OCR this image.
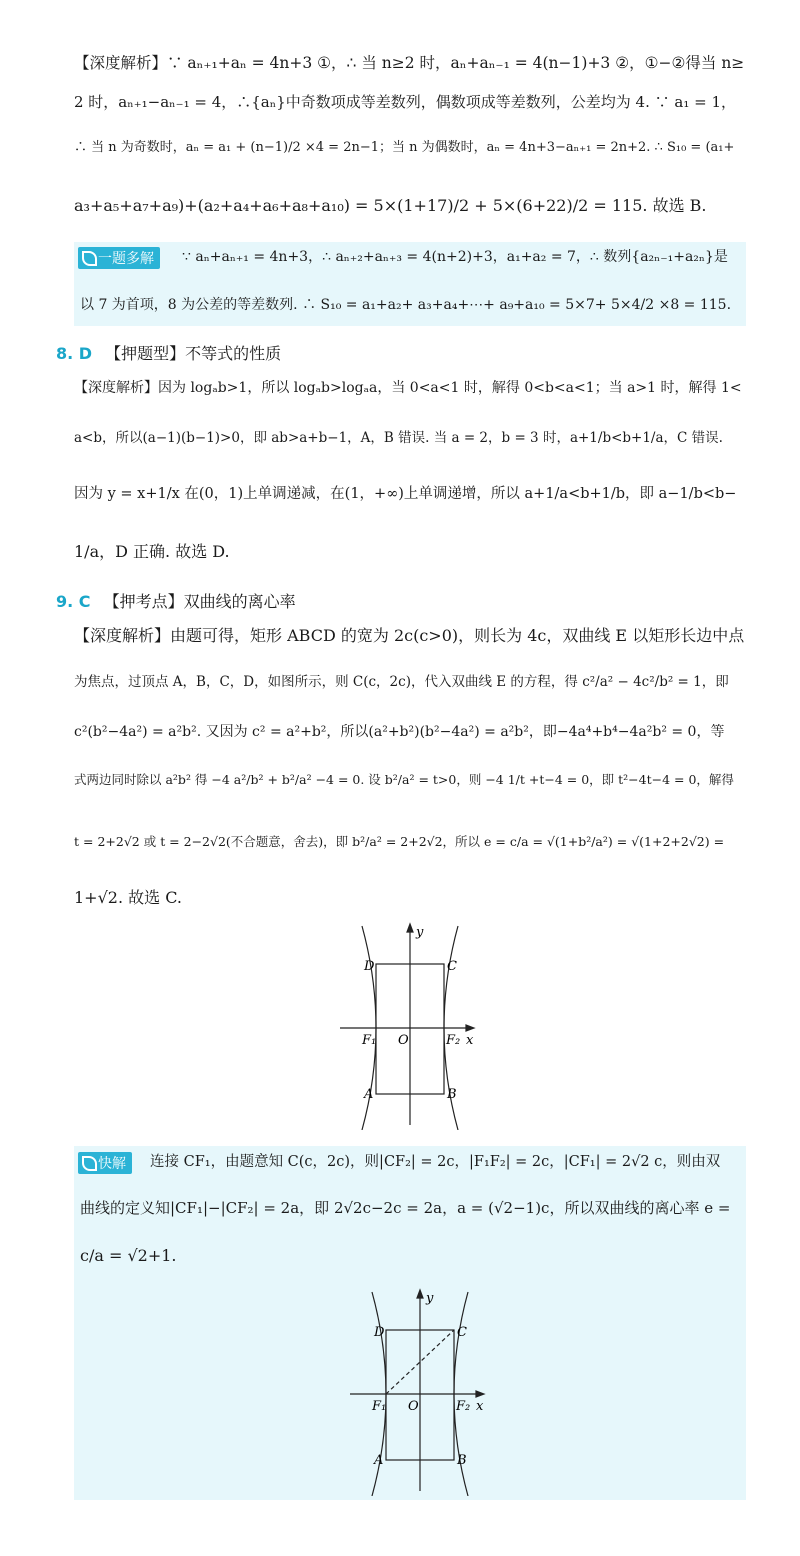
【深度解析】∵ aₙ₊₁+aₙ = 4n+3 ①，∴ 当 n≥2 时，aₙ+aₙ₋₁ = 4(n−1)+3 ②，①−②得当 n≥
2 时，aₙ₊₁−aₙ₋₁ = 4，∴{aₙ}中奇数项成等差数列，偶数项成等差数列，公差均为 4. ∵ a₁ = 1，
∴ 当 n 为奇数时，aₙ = a₁ + (n−1)/2 ×4 = 2n−1；当 n 为偶数时，aₙ = 4n+3−aₙ₊₁ = 2n+2. ∴ S₁₀ = (a₁+
a₃+a₅+a₇+a₉)+(a₂+a₄+a₆+a₈+a₁₀) = 5×(1+17)/2 + 5×(6+22)/2 = 115. 故选 B.
一题多解	∵ aₙ+aₙ₊₁ = 4n+3，∴ aₙ₊₂+aₙ₊₃ = 4(n+2)+3，a₁+a₂ = 7，∴ 数列{a₂ₙ₋₁+a₂ₙ}是
以 7 为首项，8 为公差的等差数列. ∴ S₁₀ = a₁+a₂+ a₃+a₄+⋯+ a₉+a₁₀ = 5×7+ 5×4/2 ×8 = 115.
8. D 【押题型】不等式的性质
【深度解析】因为 logₐb>1，所以 logₐb>logₐa，当 0<a<1 时，解得 0<b<a<1；当 a>1 时，解得 1<
a<b，所以(a−1)(b−1)>0，即 ab>a+b−1，A，B 错误. 当 a = 2，b = 3 时，a+1/b<b+1/a，C 错误.
因为 y = x+1/x 在(0，1)上单调递减，在(1，+∞)上单调递增，所以 a+1/a<b+1/b，即 a−1/b<b−
1/a，D 正确. 故选 D.
9. C 【押考点】双曲线的离心率
【深度解析】由题可得，矩形 ABCD 的宽为 2c(c>0)，则长为 4c，双曲线 E 以矩形长边中点
为焦点，过顶点 A，B，C，D，如图所示，则 C(c，2c)，代入双曲线 E 的方程，得 c²/a² − 4c²/b² = 1，即
c²(b²−4a²) = a²b². 又因为 c² = a²+b²，所以(a²+b²)(b²−4a²) = a²b²，即−4a⁴+b⁴−4a²b² = 0，等
式两边同时除以 a²b² 得 −4 a²/b² + b²/a² −4 = 0. 设 b²/a² = t>0，则 −4 1/t +t−4 = 0，即 t²−4t−4 = 0，解得
t = 2+2√2 或 t = 2−2√2(不合题意，舍去)，即 b²/a² = 2+2√2，所以 e = c/a = √(1+b²/a²) = √(1+2+2√2) =
1+√2. 故选 C.
y
x
O
F₁	F₂
D	C
A	B
快解	连接 CF₁，由题意知 C(c，2c)，则|CF₂| = 2c，|F₁F₂| = 2c，|CF₁| = 2√2 c，则由双
曲线的定义知|CF₁|−|CF₂| = 2a，即 2√2c−2c = 2a，a = (√2−1)c，所以双曲线的离心率 e =
c/a = √2+1.
y
x
O
F₁	F₂
D	C
A	B
